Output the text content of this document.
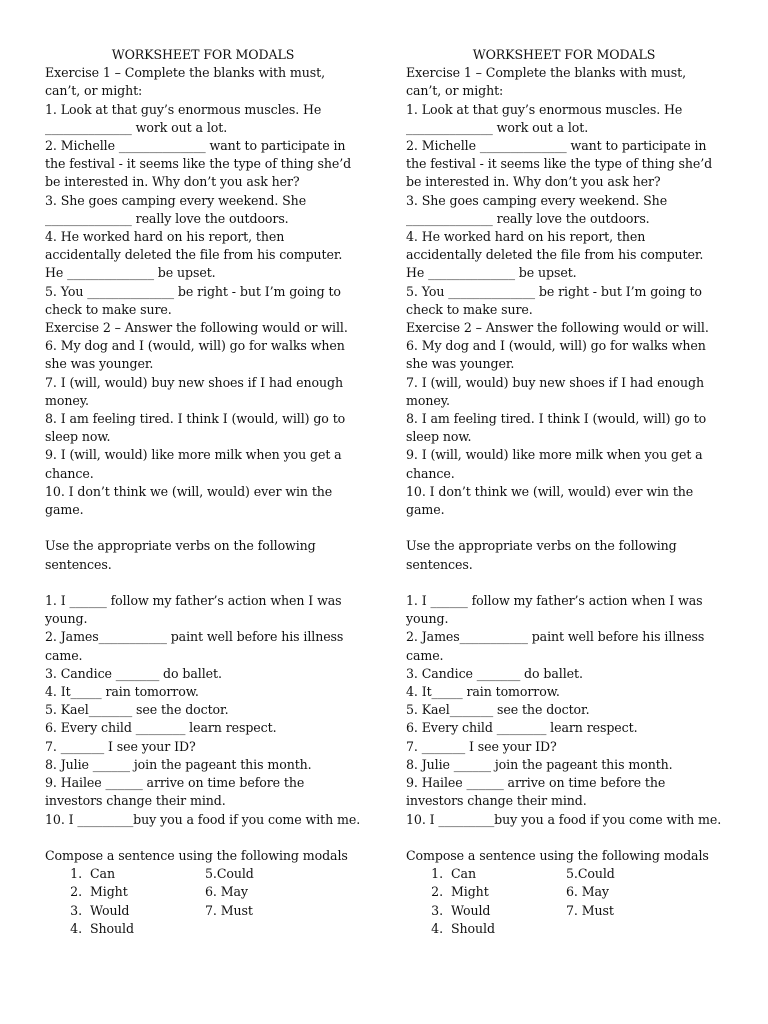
WORKSHEET FOR MODALS

Exercise 1 – Complete the blanks with must, can’t, or might:

1. Look at that guy’s enormous muscles. He ______________ work out a lot.

2. Michelle ______________ want to participate in the festival - it seems like the type of thing she’d be interested in. Why don’t you ask her?

3. She goes camping every weekend. She ______________ really love the outdoors.

4. He worked hard on his report, then accidentally deleted the file from his computer. He ______________ be upset.

5. You ______________ be right - but I’m going to check to make sure.

Exercise 2 – Answer the following would or will.

6. My dog and I (would, will) go for walks when she was younger.

7. I (will, would) buy new shoes if I had enough money.

8. I am feeling tired. I think I (would, will) go to sleep now.

9. I (will, would) like more milk when you get a chance.

10. I don’t think we (will, would) ever win the game.

Use the appropriate verbs on the following sentences.

1. I ______ follow my father’s action when I was young.

2. James___________ paint well before his illness came.

3. Candice _______ do ballet.

4. It_____ rain tomorrow.

5. Kael_______ see the doctor.

6. Every child ________ learn respect.

7. _______ I see your ID?

8. Julie ______ join the pageant this month.

9. Hailee ______ arrive on time before the investors change their mind.

10. I _________buy you a food if you come with me.

Compose a sentence using the following modals

1. Can	5.Could
2. Might	6. May
3. Would	7. Must
4. Should

WORKSHEET FOR MODALS

Exercise 1 – Complete the blanks with must, can’t, or might:

1. Look at that guy’s enormous muscles. He ______________ work out a lot.

2. Michelle ______________ want to participate in the festival - it seems like the type of thing she’d be interested in. Why don’t you ask her?

3. She goes camping every weekend. She ______________ really love the outdoors.

4. He worked hard on his report, then accidentally deleted the file from his computer. He ______________ be upset.

5. You ______________ be right - but I’m going to check to make sure.

Exercise 2 – Answer the following would or will.

6. My dog and I (would, will) go for walks when she was younger.

7. I (will, would) buy new shoes if I had enough money.

8. I am feeling tired. I think I (would, will) go to sleep now.

9. I (will, would) like more milk when you get a chance.

10. I don’t think we (will, would) ever win the game.

Use the appropriate verbs on the following sentences.

1. I ______ follow my father’s action when I was young.

2. James___________ paint well before his illness came.

3. Candice _______ do ballet.

4. It_____ rain tomorrow.

5. Kael_______ see the doctor.

6. Every child ________ learn respect.

7. _______ I see your ID?

8. Julie ______ join the pageant this month.

9. Hailee ______ arrive on time before the investors change their mind.

10. I _________buy you a food if you come with me.

Compose a sentence using the following modals

1. Can	5.Could
2. Might	6. May
3. Would	7. Must
4. Should
